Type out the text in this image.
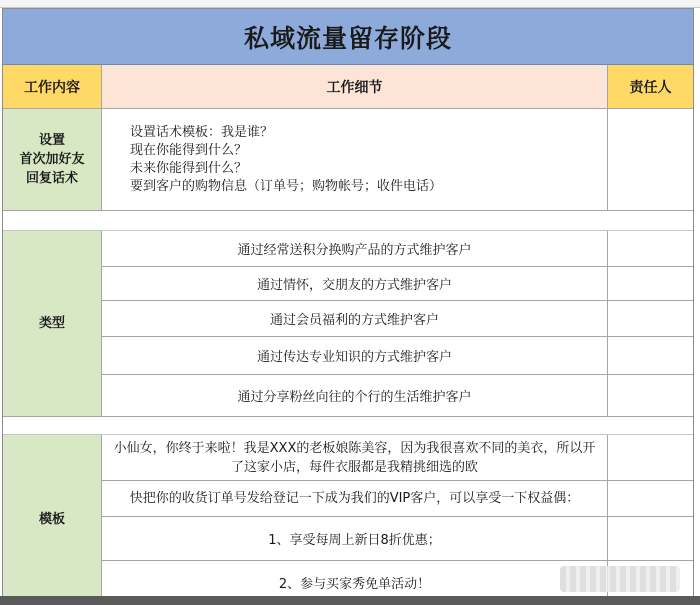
私域流量留存阶段
工作内容	工作细节	责任人
设置
首次加好友
回复话术
设置话术模板：我是谁？
现在你能得到什么？
未来你能得到什么？
要到客户的购物信息（订单号；购物帐号；收件电话）
类型
通过经常送积分换购产品的方式维护客户
通过情怀，交朋友的方式维护客户
通过会员福利的方式维护客户
通过传达专业知识的方式维护客户
通过分享粉丝向往的个行的生活维护客户
模板
小仙女，你终于来啦！我是XXX的老板娘陈美容，因为我很喜欢不同的美衣，所以开了这家小店，每件衣服都是我精挑细选的欧
快把你的收货订单号发给登记一下成为我们的VIP客户，可以享受一下权益偶：
1、享受每周上新日8折优惠；
2、参与买家秀免单活动！
